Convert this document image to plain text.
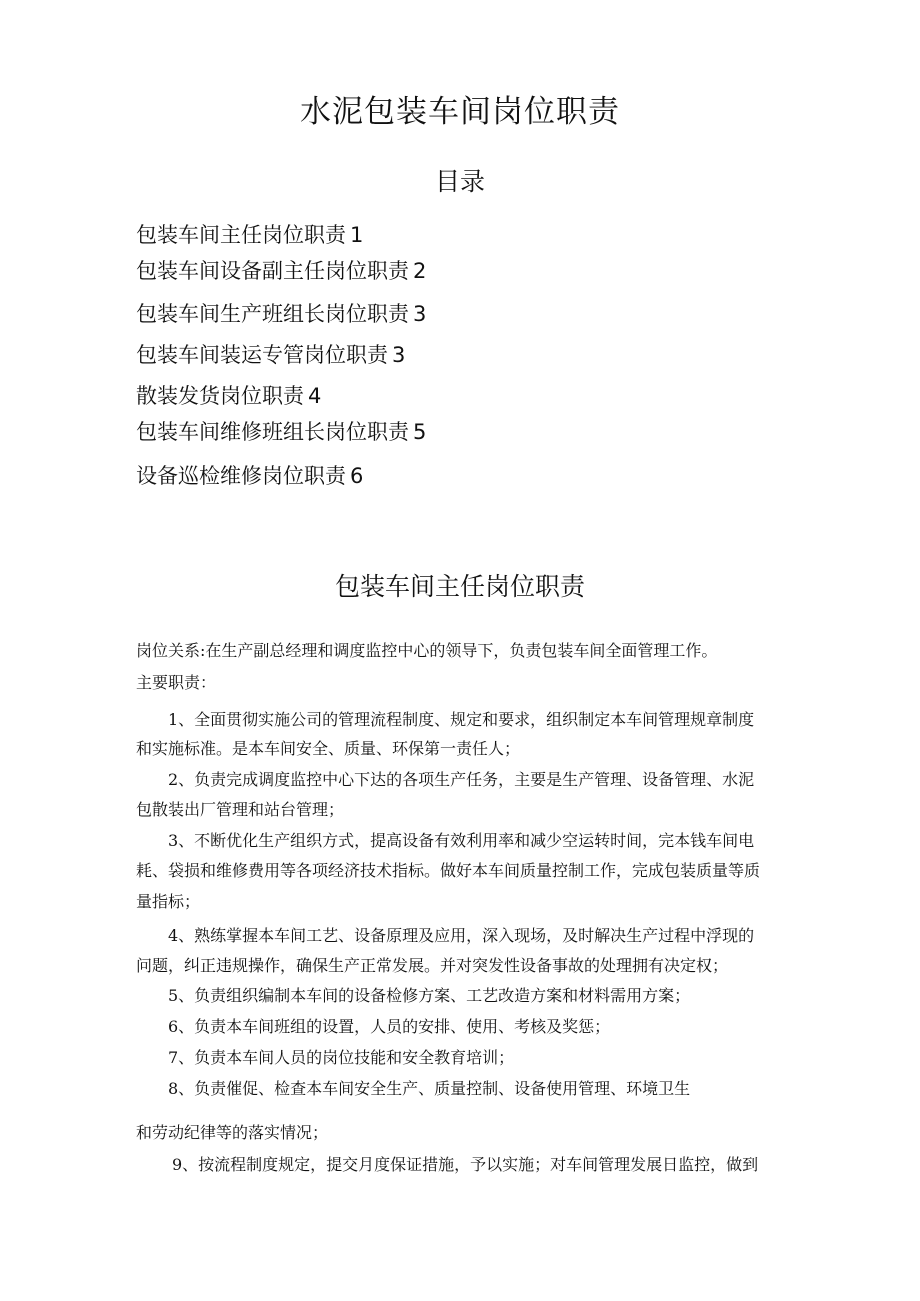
水泥包装车间岗位职责
目录
包装车间主任岗位职责 1
包装车间设备副主任岗位职责 2
包装车间生产班组长岗位职责 3
包装车间装运专管岗位职责 3
散装发货岗位职责 4
包装车间维修班组长岗位职责 5
设备巡检维修岗位职责 6
包装车间主任岗位职责
岗位关系:在生产副总经理和调度监控中心的领导下，负责包装车间全面管理工作。
主要职责：
1、全面贯彻实施公司的管理流程制度、规定和要求，组织制定本车间管理规章制度
和实施标准。是本车间安全、质量、环保第一责任人；
2、负责完成调度监控中心下达的各项生产任务，主要是生产管理、设备管理、水泥
包散装出厂管理和站台管理；
3、不断优化生产组织方式，提高设备有效利用率和减少空运转时间，完本钱车间电
耗、袋损和维修费用等各项经济技术指标。做好本车间质量控制工作，完成包装质量等质
量指标；
4、熟练掌握本车间工艺、设备原理及应用，深入现场，及时解决生产过程中浮现的
问题，纠正违规操作，确保生产正常发展。并对突发性设备事故的处理拥有决定权；
5、负责组织编制本车间的设备检修方案、工艺改造方案和材料需用方案；
6、负责本车间班组的设置，人员的安排、使用、考核及奖惩；
7、负责本车间人员的岗位技能和安全教育培训；
8、负责催促、检查本车间安全生产、质量控制、设备使用管理、环境卫生
和劳动纪律等的落实情况；
9、按流程制度规定，提交月度保证措施，予以实施；对车间管理发展日监控，做到
